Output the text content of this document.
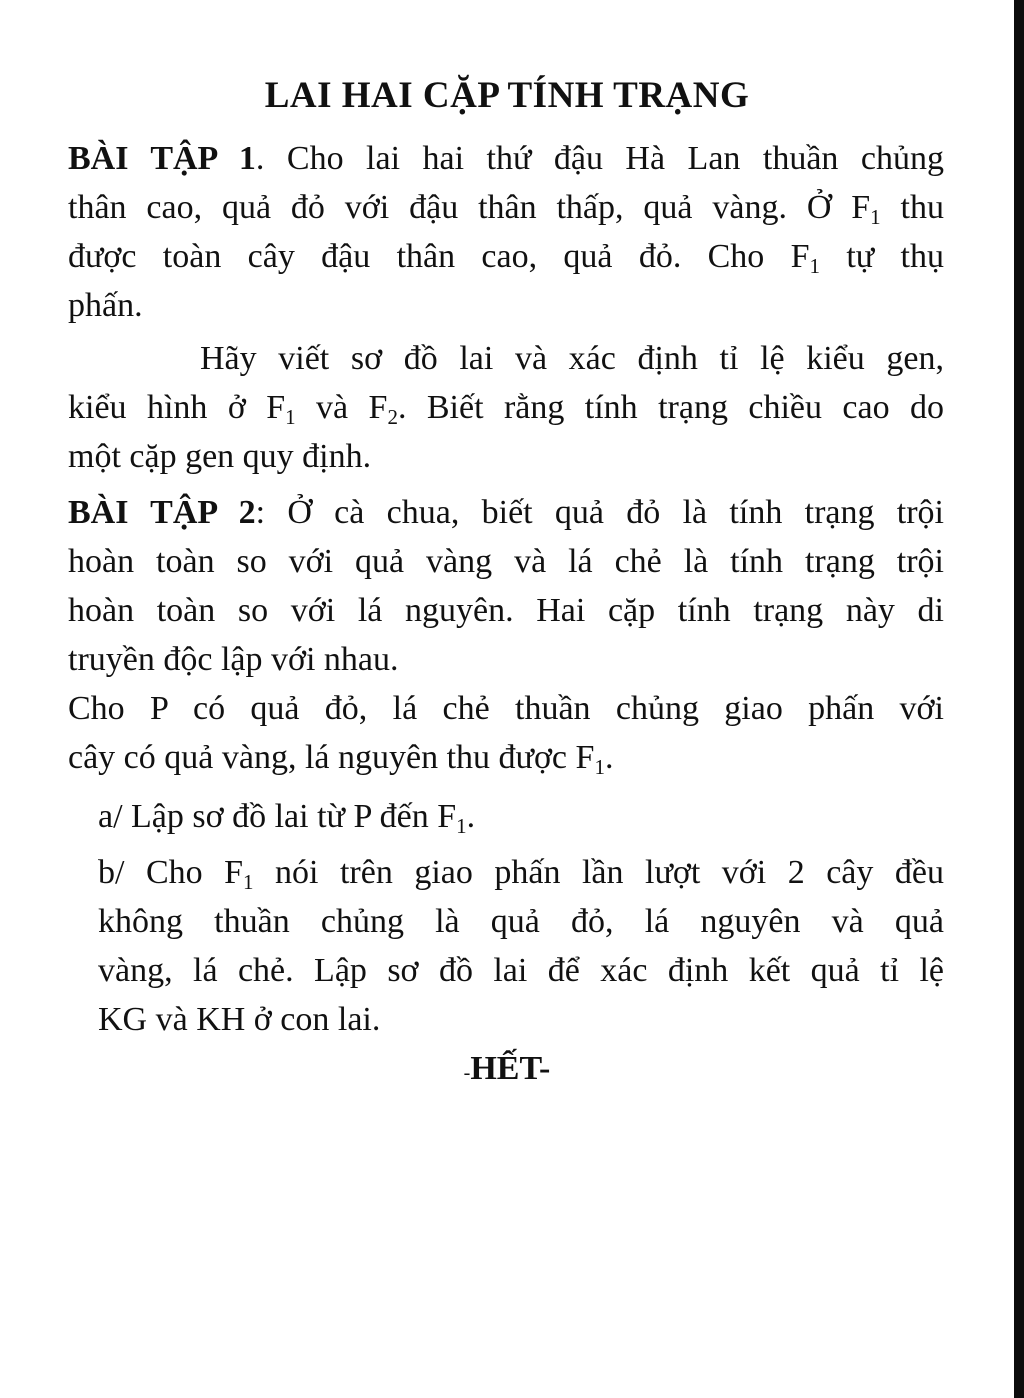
LAI HAI CẶP TÍNH TRẠNG
BÀI TẬP 1. Cho lai hai thứ đậu Hà Lan thuần chủng
thân cao, quả đỏ với đậu thân thấp, quả vàng. Ở $F_1$ thu
được toàn cây đậu thân cao, quả đỏ. Cho $F_1$ tự thụ
phấn.
Hãy viết sơ đồ lai và xác định tỉ lệ kiểu gen,
kiểu hình ở $F_1$ và $F_2$. Biết rằng tính trạng chiều cao do
một cặp gen quy định.
BÀI TẬP 2: Ở cà chua, biết quả đỏ là tính trạng trội
hoàn toàn so với quả vàng và lá chẻ là tính trạng trội
hoàn toàn so với lá nguyên. Hai cặp tính trạng này di
truyền độc lập với nhau.
Cho P có quả đỏ, lá chẻ thuần chủng giao phấn với
cây có quả vàng, lá nguyên thu được $F_1$.
a/ Lập sơ đồ lai từ P đến $F_1$.
b/ Cho $F_1$ nói trên giao phấn lần lượt với 2 cây đều
không thuần chủng là quả đỏ, lá nguyên và quả
vàng, lá chẻ. Lập sơ đồ lai để xác định kết quả tỉ lệ
KG và KH ở con lai.
-HẾT-
